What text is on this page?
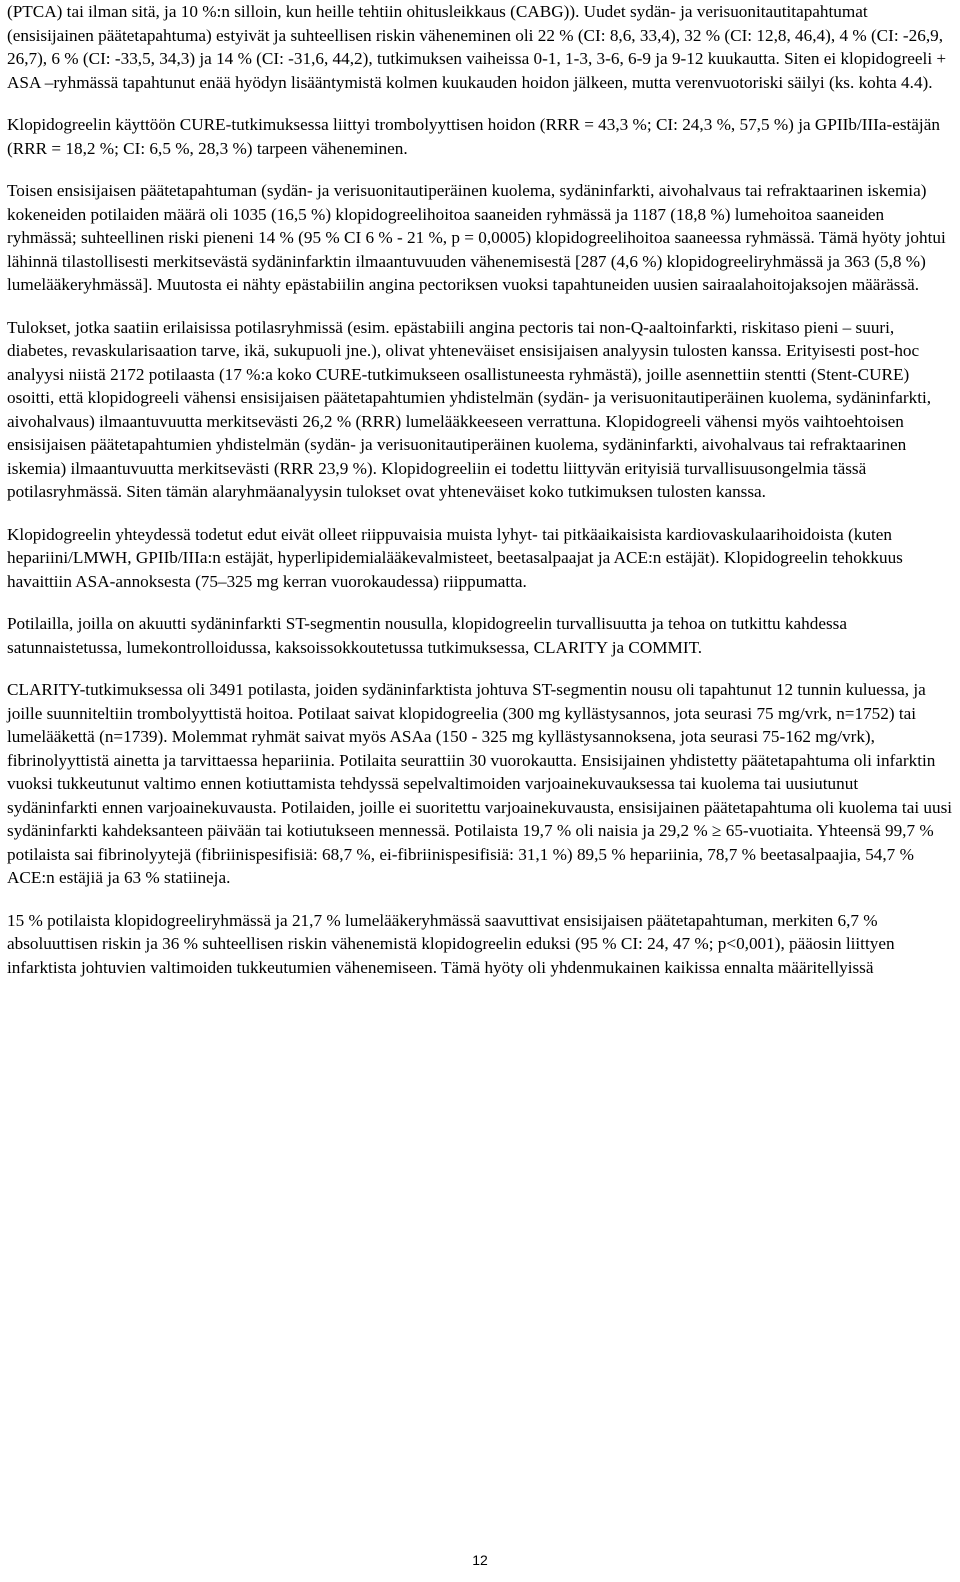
(PTCA) tai ilman sitä, ja 10 %:n silloin, kun heille tehtiin ohitusleikkaus (CABG)). Uudet sydän- ja verisuonitautitapahtumat (ensisijainen päätetapahtuma) estyivät ja suhteellisen riskin väheneminen oli 22 % (CI: 8,6, 33,4), 32 % (CI: 12,8, 46,4), 4 % (CI: -26,9, 26,7), 6 % (CI: -33,5, 34,3) ja 14 % (CI: -31,6, 44,2), tutkimuksen vaiheissa 0-1, 1-3, 3-6, 6-9 ja 9-12 kuukautta. Siten ei klopidogreeli + ASA –ryhmässä tapahtunut enää hyödyn lisääntymistä kolmen kuukauden hoidon jälkeen, mutta verenvuotoriski säilyi (ks. kohta 4.4).

Klopidogreelin käyttöön CURE-tutkimuksessa liittyi trombolyyttisen hoidon (RRR = 43,3 %; CI: 24,3 %, 57,5 %) ja GPIIb/IIIa-estäjän (RRR = 18,2 %; CI: 6,5 %, 28,3 %) tarpeen väheneminen.

Toisen ensisijaisen päätetapahtuman (sydän- ja verisuonitautiperäinen kuolema, sydäninfarkti, aivohalvaus tai refraktaarinen iskemia) kokeneiden potilaiden määrä oli 1035 (16,5 %) klopidogreelihoitoa saaneiden ryhmässä ja 1187 (18,8 %) lumehoitoa saaneiden ryhmässä; suhteellinen riski pieneni 14 % (95 % CI 6 % - 21 %, p = 0,0005) klopidogreelihoitoa saaneessa ryhmässä. Tämä hyöty johtui lähinnä tilastollisesti merkitsevästä sydäninfarktin ilmaantuvuuden vähenemisestä [287 (4,6 %) klopidogreeliryhmässä ja 363 (5,8 %) lumelääkeryhmässä]. Muutosta ei nähty epästabiilin angina pectoriksen vuoksi tapahtuneiden uusien sairaalahoitojaksojen määrässä.

Tulokset, jotka saatiin erilaisissa potilasryhmissä (esim. epästabiili angina pectoris tai non-Q-aaltoinfarkti, riskitaso pieni – suuri, diabetes, revaskularisaation tarve, ikä, sukupuoli jne.), olivat yhteneväiset ensisijaisen analyysin tulosten kanssa. Erityisesti post-hoc analyysi niistä 2172 potilaasta (17 %:a koko CURE-tutkimukseen osallistuneesta ryhmästä), joille asennettiin stentti (Stent-CURE) osoitti, että klopidogreeli vähensi ensisijaisen päätetapahtumien yhdistelmän (sydän- ja verisuonitautiperäinen kuolema, sydäninfarkti, aivohalvaus) ilmaantuvuutta merkitsevästi 26,2 % (RRR) lumelääkkeeseen verrattuna. Klopidogreeli vähensi myös vaihtoehtoisen ensisijaisen päätetapahtumien yhdistelmän (sydän- ja verisuonitautiperäinen kuolema, sydäninfarkti, aivohalvaus tai refraktaarinen iskemia) ilmaantuvuutta merkitsevästi (RRR 23,9 %). Klopidogreeliin ei todettu liittyvän erityisiä turvallisuusongelmia tässä potilasryhmässä. Siten tämän alaryhmäanalyysin tulokset ovat yhteneväiset koko tutkimuksen tulosten kanssa.

Klopidogreelin yhteydessä todetut edut eivät olleet riippuvaisia muista lyhyt- tai pitkäaikaisista kardiovaskulaarihoidoista (kuten hepariini/LMWH, GPIIb/IIIa:n estäjät, hyperlipidemialääkevalmisteet, beetasalpaajat ja ACE:n estäjät). Klopidogreelin tehokkuus havaittiin ASA-annoksesta (75–325 mg kerran vuorokaudessa) riippumatta.

Potilailla, joilla on akuutti sydäninfarkti ST-segmentin nousulla, klopidogreelin turvallisuutta ja tehoa on tutkittu kahdessa satunnaistetussa, lumekontrolloidussa, kaksoissokkoutetussa tutkimuksessa, CLARITY ja COMMIT.

CLARITY-tutkimuksessa oli 3491 potilasta, joiden sydäninfarktista johtuva ST-segmentin nousu oli tapahtunut 12 tunnin kuluessa, ja joille suunniteltiin trombolyyttistä hoitoa. Potilaat saivat klopidogreelia (300 mg kyllästysannos, jota seurasi 75 mg/vrk, n=1752) tai lumelääkettä (n=1739). Molemmat ryhmät saivat myös ASAa (150 - 325 mg kyllästysannoksena, jota seurasi 75-162 mg/vrk), fibrinolyyttistä ainetta ja tarvittaessa hepariinia. Potilaita seurattiin 30 vuorokautta. Ensisijainen yhdistetty päätetapahtuma oli infarktin vuoksi tukkeutunut valtimo ennen kotiuttamista tehdyssä sepelvaltimoiden varjoainekuvauksessa tai kuolema tai uusiutunut sydäninfarkti ennen varjoainekuvausta. Potilaiden, joille ei suoritettu varjoainekuvausta, ensisijainen päätetapahtuma oli kuolema tai uusi sydäninfarkti kahdeksanteen päivään tai kotiutukseen mennessä. Potilaista 19,7 % oli naisia ja 29,2 % ≥ 65-vuotiaita. Yhteensä 99,7 % potilaista sai fibrinolyytejä (fibriinispesifisiä: 68,7 %, ei-fibriinispesifisiä: 31,1 %) 89,5 % hepariinia, 78,7 % beetasalpaajia, 54,7 % ACE:n estäjiä ja 63 % statiineja.

15 % potilaista klopidogreeliryhmässä ja 21,7 % lumelääkeryhmässä saavuttivat ensisijaisen päätetapahtuman, merkiten 6,7 % absoluuttisen riskin ja 36 % suhteellisen riskin vähenemistä klopidogreelin eduksi (95 % CI: 24, 47 %; p<0,001), pääosin liittyen infarktista johtuvien valtimoiden tukkeutumien vähenemiseen. Tämä hyöty oli yhdenmukainen kaikissa ennalta määritellyissä

12
